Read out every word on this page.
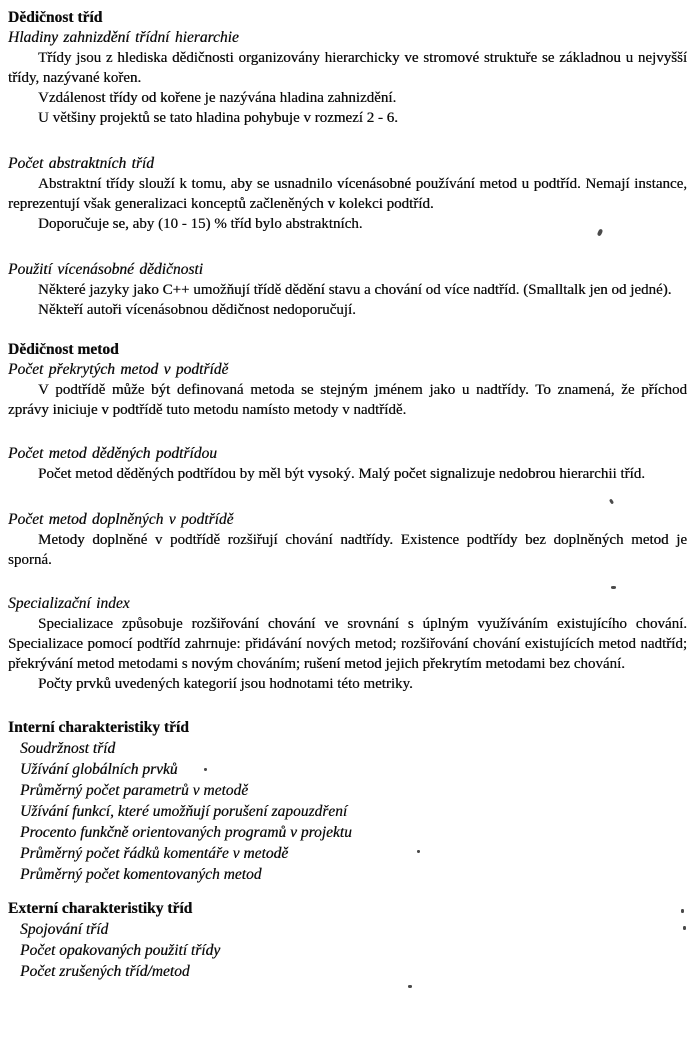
Dědičnost tříd
Hladiny zahnizdění třídní hierarchie

Třídy jsou z hlediska dědičnosti organizovány hierarchicky ve stromové struktuře se základnou u nejvyšší třídy, nazývané kořen.

Vzdálenost třídy od kořene je nazývána hladina zahnizdění.

U většiny projektů se tato hladina pohybuje v rozmezí 2 - 6.

Počet abstraktních tříd

Abstraktní třídy slouží k tomu, aby se usnadnilo vícenásobné používání metod u podtříd. Nemají instance, reprezentují však generalizaci konceptů začleněných v kolekci podtříd.

Doporučuje se, aby (10 - 15) % tříd bylo abstraktních.

Použití vícenásobné dědičnosti

Některé jazyky jako C++ umožňují třídě dědění stavu a chování od více nadtříd. (Smalltalk jen od jedné).

Někteří autoři vícenásobnou dědičnost nedoporučují.

Dědičnost metod
Počet překrytých metod v podtřídě

V podtřídě může být definovaná metoda se stejným jménem jako u nadtřídy. To znamená, že příchod zprávy iniciuje v podtřídě tuto metodu namísto metody v nadtřídě.

Počet metod děděných podtřídou

Počet metod děděných podtřídou by měl být vysoký. Malý počet signalizuje nedobrou hierarchii tříd.

Počet metod doplněných v podtřídě

Metody doplněné v podtřídě rozšiřují chování nadtřídy. Existence podtřídy bez doplněných metod je sporná.

Specializační index

Specializace způsobuje rozšiřování chování ve srovnání s úplným využíváním existujícího chování. Specializace pomocí podtříd zahrnuje: přidávání nových metod; rozšiřování chování existujících metod nadtříd; překrývání metod metodami s novým chováním; rušení metod jejich překrytím metodami bez chování.

Počty prvků uvedených kategorií jsou hodnotami této metriky.

Interní charakteristiky tříd
Soudržnost tříd
Užívání globálních prvků
Průměrný počet parametrů v metodě
Užívání funkcí, které umožňují porušení zapouzdření
Procento funkčně orientovaných programů v projektu
Průměrný počet řádků komentáře v metodě
Průměrný počet komentovaných metod
Externí charakteristiky tříd
Spojování tříd
Počet opakovaných použití třídy
Počet zrušených tříd/metod
